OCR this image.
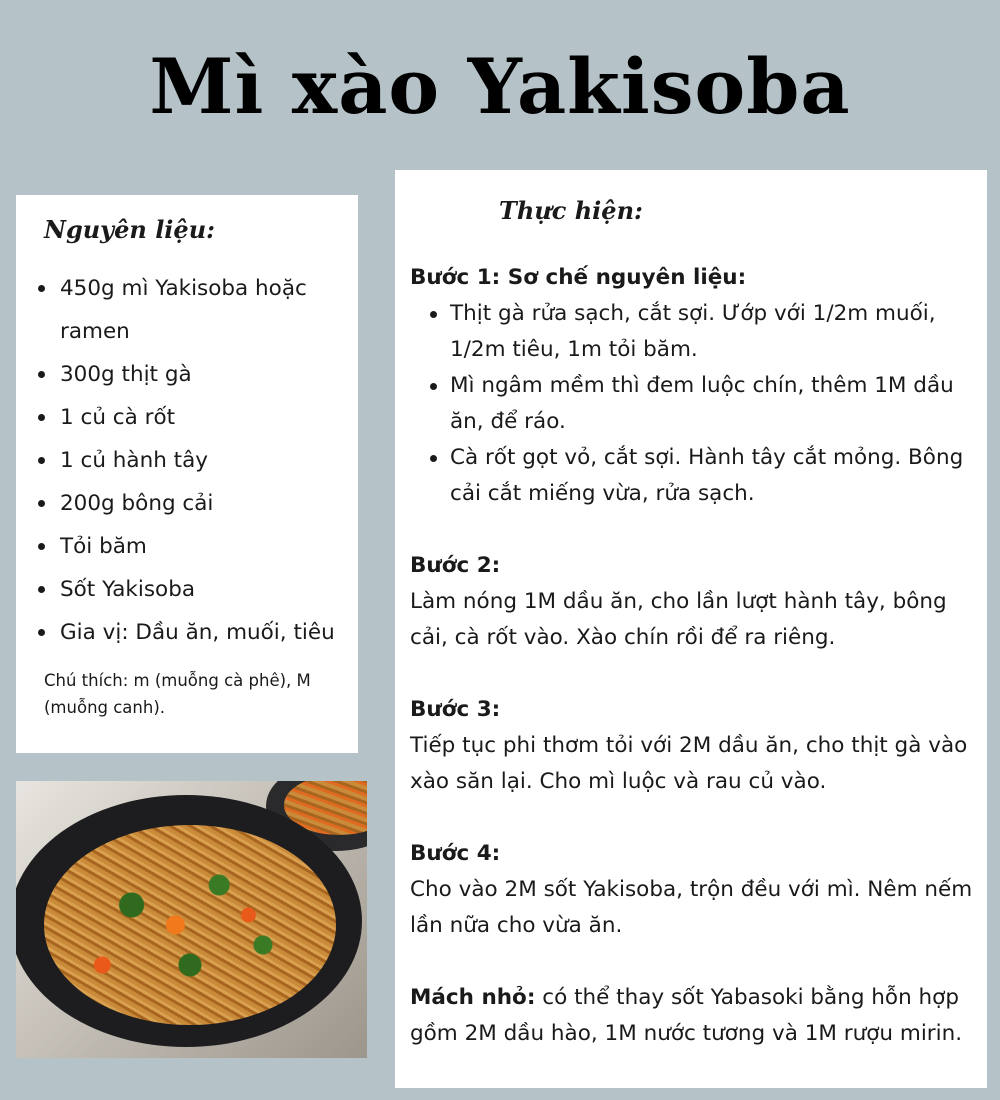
Mì xào Yakisoba
Nguyên liệu:
450g mì Yakisoba hoặc ramen
300g thịt gà
1 củ cà rốt
1 củ hành tây
200g bông cải
Tỏi băm
Sốt Yakisoba
Gia vị: Dầu ăn, muối, tiêu
Chú thích: m (muỗng cà phê), M (muỗng canh).
Thực hiện:
Bước 1: Sơ chế nguyên liệu:
Thịt gà rửa sạch, cắt sợi. Ướp với 1/2m muối, 1/2m tiêu, 1m tỏi băm.
Mì ngâm mềm thì đem luộc chín, thêm 1M dầu ăn, để ráo.
Cà rốt gọt vỏ, cắt sợi. Hành tây cắt mỏng. Bông cải cắt miếng vừa, rửa sạch.
Bước 2:
Làm nóng 1M dầu ăn, cho lần lượt hành tây, bông cải, cà rốt vào. Xào chín rồi để ra riêng.
Bước 3:
Tiếp tục phi thơm tỏi với 2M dầu ăn, cho thịt gà vào xào săn lại. Cho mì luộc và rau củ vào.
Bước 4:
Cho vào 2M sốt Yakisoba, trộn đều với mì. Nêm nếm lần nữa cho vừa ăn.
Mách nhỏ: có thể thay sốt Yabasoki bằng hỗn hợp gồm 2M dầu hào, 1M nước tương và 1M rượu mirin.
